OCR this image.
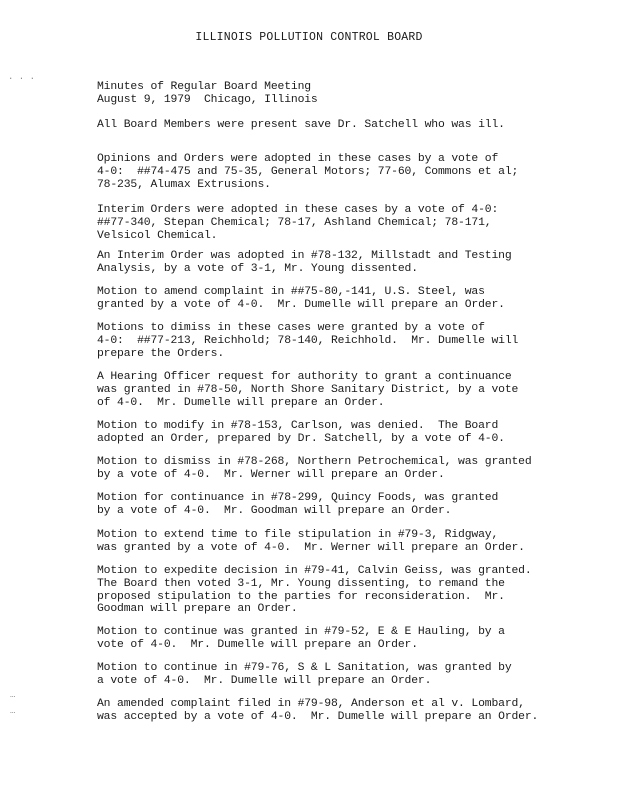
ILLINOIS POLLUTION CONTROL BOARD
Minutes of Regular Board Meeting
August 9, 1979  Chicago, Illinois
All Board Members were present save Dr. Satchell who was ill.
Opinions and Orders were adopted in these cases by a vote of
4-0:  ##74-475 and 75-35, General Motors; 77-60, Commons et al;
78-235, Alumax Extrusions.
Interim Orders were adopted in these cases by a vote of 4-0:
##77-340, Stepan Chemical; 78-17, Ashland Chemical; 78-171,
Velsicol Chemical.
An Interim Order was adopted in #78-132, Millstadt and Testing
Analysis, by a vote of 3-1, Mr. Young dissented.
Motion to amend complaint in ##75-80,-141, U.S. Steel, was
granted by a vote of 4-0.  Mr. Dumelle will prepare an Order.
Motions to dimiss in these cases were granted by a vote of
4-0:  ##77-213, Reichhold; 78-140, Reichhold.  Mr. Dumelle will
prepare the Orders.
A Hearing Officer request for authority to grant a continuance
was granted in #78-50, North Shore Sanitary District, by a vote
of 4-0.  Mr. Dumelle will prepare an Order.
Motion to modify in #78-153, Carlson, was denied.  The Board
adopted an Order, prepared by Dr. Satchell, by a vote of 4-0.
Motion to dismiss in #78-268, Northern Petrochemical, was granted
by a vote of 4-0.  Mr. Werner will prepare an Order.
Motion for continuance in #78-299, Quincy Foods, was granted
by a vote of 4-0.  Mr. Goodman will prepare an Order.
Motion to extend time to file stipulation in #79-3, Ridgway,
was granted by a vote of 4-0.  Mr. Werner will prepare an Order.
Motion to expedite decision in #79-41, Calvin Geiss, was granted.
The Board then voted 3-1, Mr. Young dissenting, to remand the
proposed stipulation to the parties for reconsideration.  Mr.
Goodman will prepare an Order.
Motion to continue was granted in #79-52, E & E Hauling, by a
vote of 4-0.  Mr. Dumelle will prepare an Order.
Motion to continue in #79-76, S & L Sanitation, was granted by
a vote of 4-0.  Mr. Dumelle will prepare an Order.
An amended complaint filed in #79-98, Anderson et al v. Lombard,
was accepted by a vote of 4-0.  Mr. Dumelle will prepare an Order.
. . .
…
…
